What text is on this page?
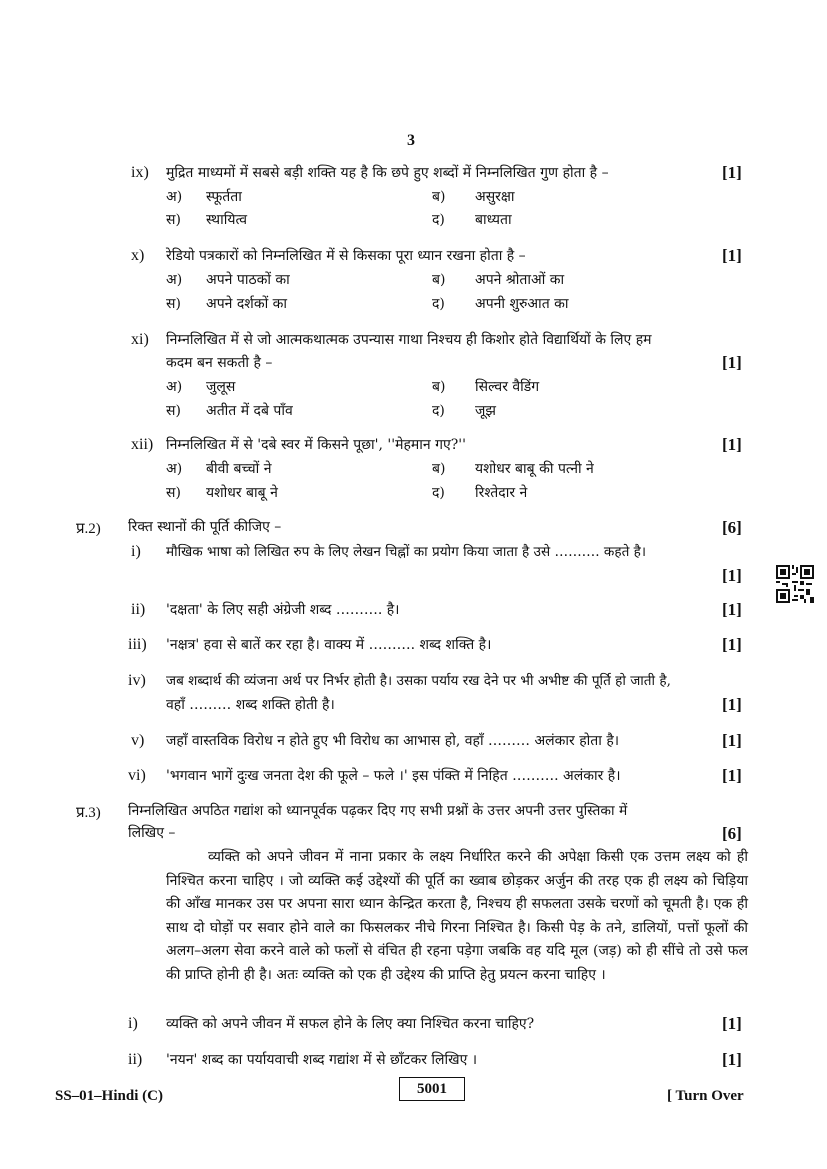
3
ix) मुद्रित माध्यमों में सबसे बड़ी शक्ति यह है कि छपे हुए शब्दों में निम्नलिखित गुण होता है –	[1]
अ) स्फूर्तता	ब) असुरक्षा
स) स्थायित्व	द) बाध्यता
x) रेडियो पत्रकारों को निम्नलिखित में से किसका पूरा ध्यान रखना होता है –	[1]
अ) अपने पाठकों का	ब) अपने श्रोताओं का
स) अपने दर्शकों का	द) अपनी शुरुआत का
xi) निम्नलिखित में से जो आत्मकथात्मक उपन्यास गाथा निश्चय ही किशोर होते विद्यार्थियों के लिए हम
कदम बन सकती है –	[1]
अ) जुलूस	ब) सिल्वर वैडिंग
स) अतीत में दबे पाँव	द) जूझ
xii) निम्नलिखित में से 'दबे स्वर में किसने पूछा', ''मेहमान गए?''	[1]
अ) बीवी बच्चों ने	ब) यशोधर बाबू की पत्नी ने
स) यशोधर बाबू ने	द) रिश्तेदार ने
प्र.2) रिक्त स्थानों की पूर्ति कीजिए –	[6]
i) मौखिक भाषा को लिखित रुप के लिए लेखन चिह्नों का प्रयोग किया जाता है उसे ………. कहते है।
[1]
ii) 'दक्षता' के लिए सही अंग्रेजी शब्द ………. है।	[1]
iii) 'नक्षत्र' हवा से बातें कर रहा है। वाक्य में ………. शब्द शक्ति है।	[1]
iv) जब शब्दार्थ की व्यंजना अर्थ पर निर्भर होती है। उसका पर्याय रख देने पर भी अभीष्ट की पूर्ति हो जाती है,
वहाँ ……… शब्द शक्ति होती है।	[1]
v) जहाँ वास्तविक विरोध न होते हुए भी विरोध का आभास हो, वहाँ ……… अलंकार होता है।	[1]
vi) 'भगवान भागें दुःख जनता देश की फूले – फले ।' इस पंक्ति में निहित ………. अलंकार है।	[1]
प्र.3) निम्नलिखित अपठित गद्यांश को ध्यानपूर्वक पढ़कर दिए गए सभी प्रश्नों के उत्तर अपनी उत्तर पुस्तिका में
लिखिए –	[6]
व्यक्ति को अपने जीवन में नाना प्रकार के लक्ष्य निर्धारित करने की अपेक्षा किसी एक उत्तम लक्ष्य को ही निश्चित करना चाहिए । जो व्यक्ति कई उद्देश्यों की पूर्ति का ख्वाब छोड़कर अर्जुन की तरह एक ही लक्ष्य को चिड़िया की आँख मानकर उस पर अपना सारा ध्यान केन्द्रित करता है, निश्चय ही सफलता उसके चरणों को चूमती है। एक ही साथ दो घोड़ों पर सवार होने वाले का फिसलकर नीचे गिरना निश्चित है। किसी पेड़ के तने, डालियों, पत्तों फूलों की अलग–अलग सेवा करने वाले को फलों से वंचित ही रहना पड़ेगा जबकि वह यदि मूल (जड़) को ही सींचे तो उसे फल की प्राप्ति होनी ही है। अतः व्यक्ति को एक ही उद्देश्य की प्राप्ति हेतु प्रयत्न करना चाहिए ।
i) व्यक्ति को अपने जीवन में सफल होने के लिए क्या निश्चित करना चाहिए?	[1]
ii) 'नयन' शब्द का पर्यायवाची शब्द गद्यांश में से छाँटकर लिखिए ।	[1]
SS–01–Hindi (C)	5001	[ Turn Over
